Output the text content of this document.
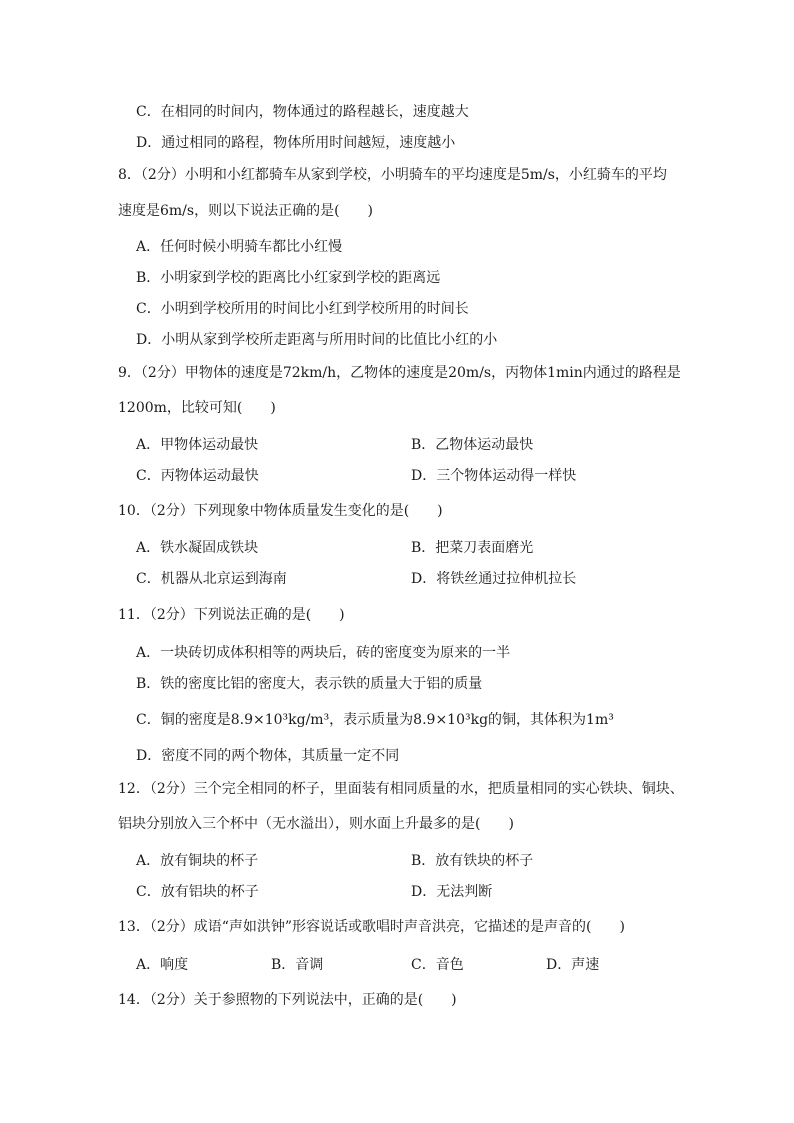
C．在相同的时间内，物体通过的路程越长，速度越大
D．通过相同的路程，物体所用时间越短，速度越小
8．（2分）小明和小红都骑车从家到学校，小明骑车的平均速度是5m/s，小红骑车的平均
速度是6m/s，则以下说法正确的是(　　)
A．任何时候小明骑车都比小红慢
B．小明家到学校的距离比小红家到学校的距离远
C．小明到学校所用的时间比小红到学校所用的时间长
D．小明从家到学校所走距离与所用时间的比值比小红的小
9．（2分）甲物体的速度是72km/h，乙物体的速度是20m/s，丙物体1min内通过的路程是
1200m，比较可知(　　)
A．甲物体运动最快	B．乙物体运动最快
C．丙物体运动最快	D．三个物体运动得一样快
10．（2分）下列现象中物体质量发生变化的是(　　)
A．铁水凝固成铁块	B．把菜刀表面磨光
C．机器从北京运到海南	D．将铁丝通过拉伸机拉长
11．（2分）下列说法正确的是(　　)
A．一块砖切成体积相等的两块后，砖的密度变为原来的一半
B．铁的密度比铝的密度大，表示铁的质量大于铝的质量
C．铜的密度是8.9×10³kg/m³，表示质量为8.9×10³kg的铜，其体积为1m³
D．密度不同的两个物体，其质量一定不同
12．（2分）三个完全相同的杯子，里面装有相同质量的水，把质量相同的实心铁块、铜块、
铝块分别放入三个杯中（无水溢出），则水面上升最多的是(　　)
A．放有铜块的杯子	B．放有铁块的杯子
C．放有铝块的杯子	D．无法判断
13．（2分）成语“声如洪钟”形容说话或歌唱时声音洪亮，它描述的是声音的(　　)
A．响度	B．音调	C．音色	D．声速
14．（2分）关于参照物的下列说法中，正确的是(　　)
